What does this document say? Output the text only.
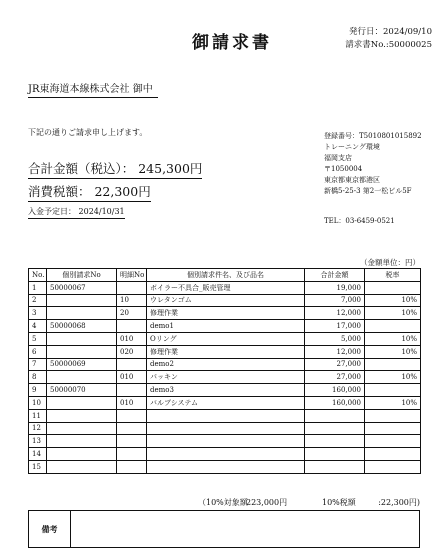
御請求書
発行日：2024/09/10
請求書No.:50000025
JR東海道本線株式会社 御中
下記の通りご請求申し上げます。	登録番号：T5010801015892
トレーニング環境
福岡支店
〒1050004
東京都東京都港区
新橋5-25-3 第2一松ビル5F
TEL：03-6459-0521
合計金額（税込）： 245,300円
消費税額： 22,300円
入金予定日： 2024/10/31
（金額単位：円）
No.	個別請求No	明細No	個別請求件名、及び品名	合計金額	税率
1	50000067		ボイラー不具合_販売管理	19,000	
2		10	ウレタンゴム	7,000	10%
3		20	修理作業	12,000	10%
4	50000068		demo1	17,000	
5		010	Oリング	5,000	10%
6		020	修理作業	12,000	10%
7	50000069		demo2	27,000	
8		010	パッキン	27,000	10%
9	50000070		demo3	160,000	
10		010	バルブシステム	160,000	10%
11					
12					
13					
14					
15					
（10%対象額
223,000円	10%税額	:22,300円)
備考
